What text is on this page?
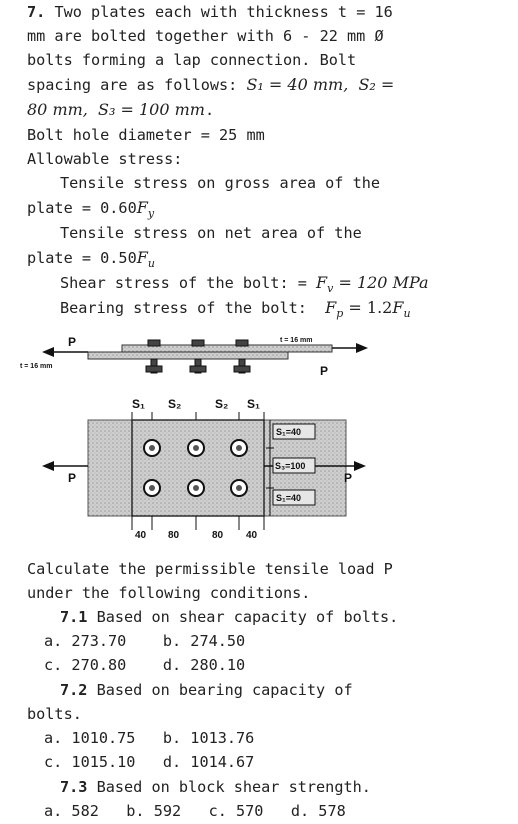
7. Two plates each with thickness t = 16
mm are bolted together with 6 - 22 mm Ø
bolts forming a lap connection. Bolt
spacing are as follows: S₁ = 40 mm,  S₂ =
80 mm,  S₃ = 100 mm.
Bolt hole diameter = 25 mm
Allowable stress:
Tensile stress on gross area of the
plate = $0.60F_y$
Tensile stress on net area of the
plate = $0.50F_u$
Shear stress of the bolt: = $F_v = 120$ MPa
Bearing stress of the bolt:  $F_p = 1.2F_u$
P
t = 16 mm	P
t = 16 mm
S₁ S₂	S₂ S₁
P	P
S₁=40
S₃=100
S₁=40
40 80	80 40
Calculate the permissible tensile load P
under the following conditions.
7.1 Based on shear capacity of bolts.
a. 273.70    b. 274.50
c. 270.80    d. 280.10
7.2 Based on bearing capacity of
bolts.
a. 1010.75   b. 1013.76
c. 1015.10   d. 1014.67
7.3 Based on block shear strength.
a. 582   b. 592   c. 570   d. 578
